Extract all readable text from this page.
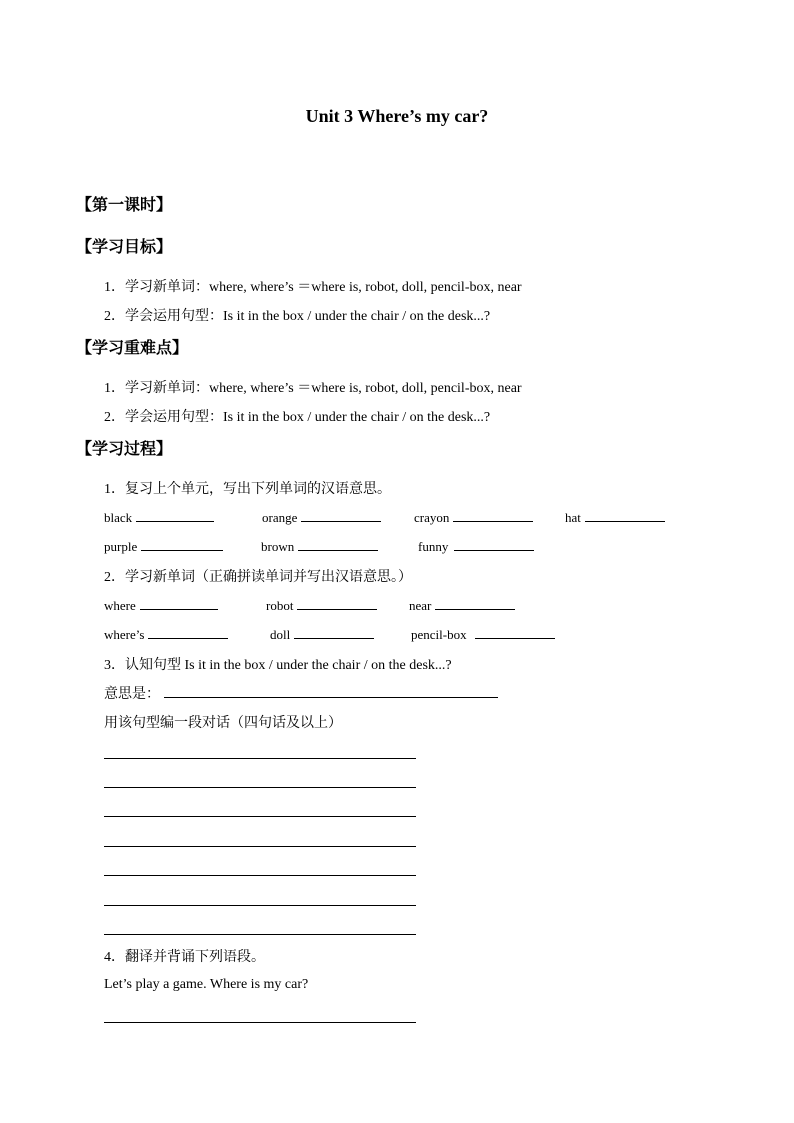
Unit 3 Where’s my car?
【第一课时】
【学习目标】
1．学习新单词：where, where’s ＝where is, robot, doll, pencil-box, near
2．学会运用句型：Is it in the box / under the chair / on the desk...?
【学习重难点】
1．学习新单词：where, where’s ＝where is, robot, doll, pencil-box, near
2．学会运用句型：Is it in the box / under the chair / on the desk...?
【学习过程】
1．复习上个单元，写出下列单词的汉语意思。
black	orange	crayon	hat
purple	brown	funny
2．学习新单词（正确拼读单词并写出汉语意思。）
where	robot	near
where’s	doll	pencil-box
3．认知句型 Is it in the box / under the chair / on the desk...?
意思是：
用该句型编一段对话（四句话及以上）
4．翻译并背诵下列语段。
Let’s play a game. Where is my car?
